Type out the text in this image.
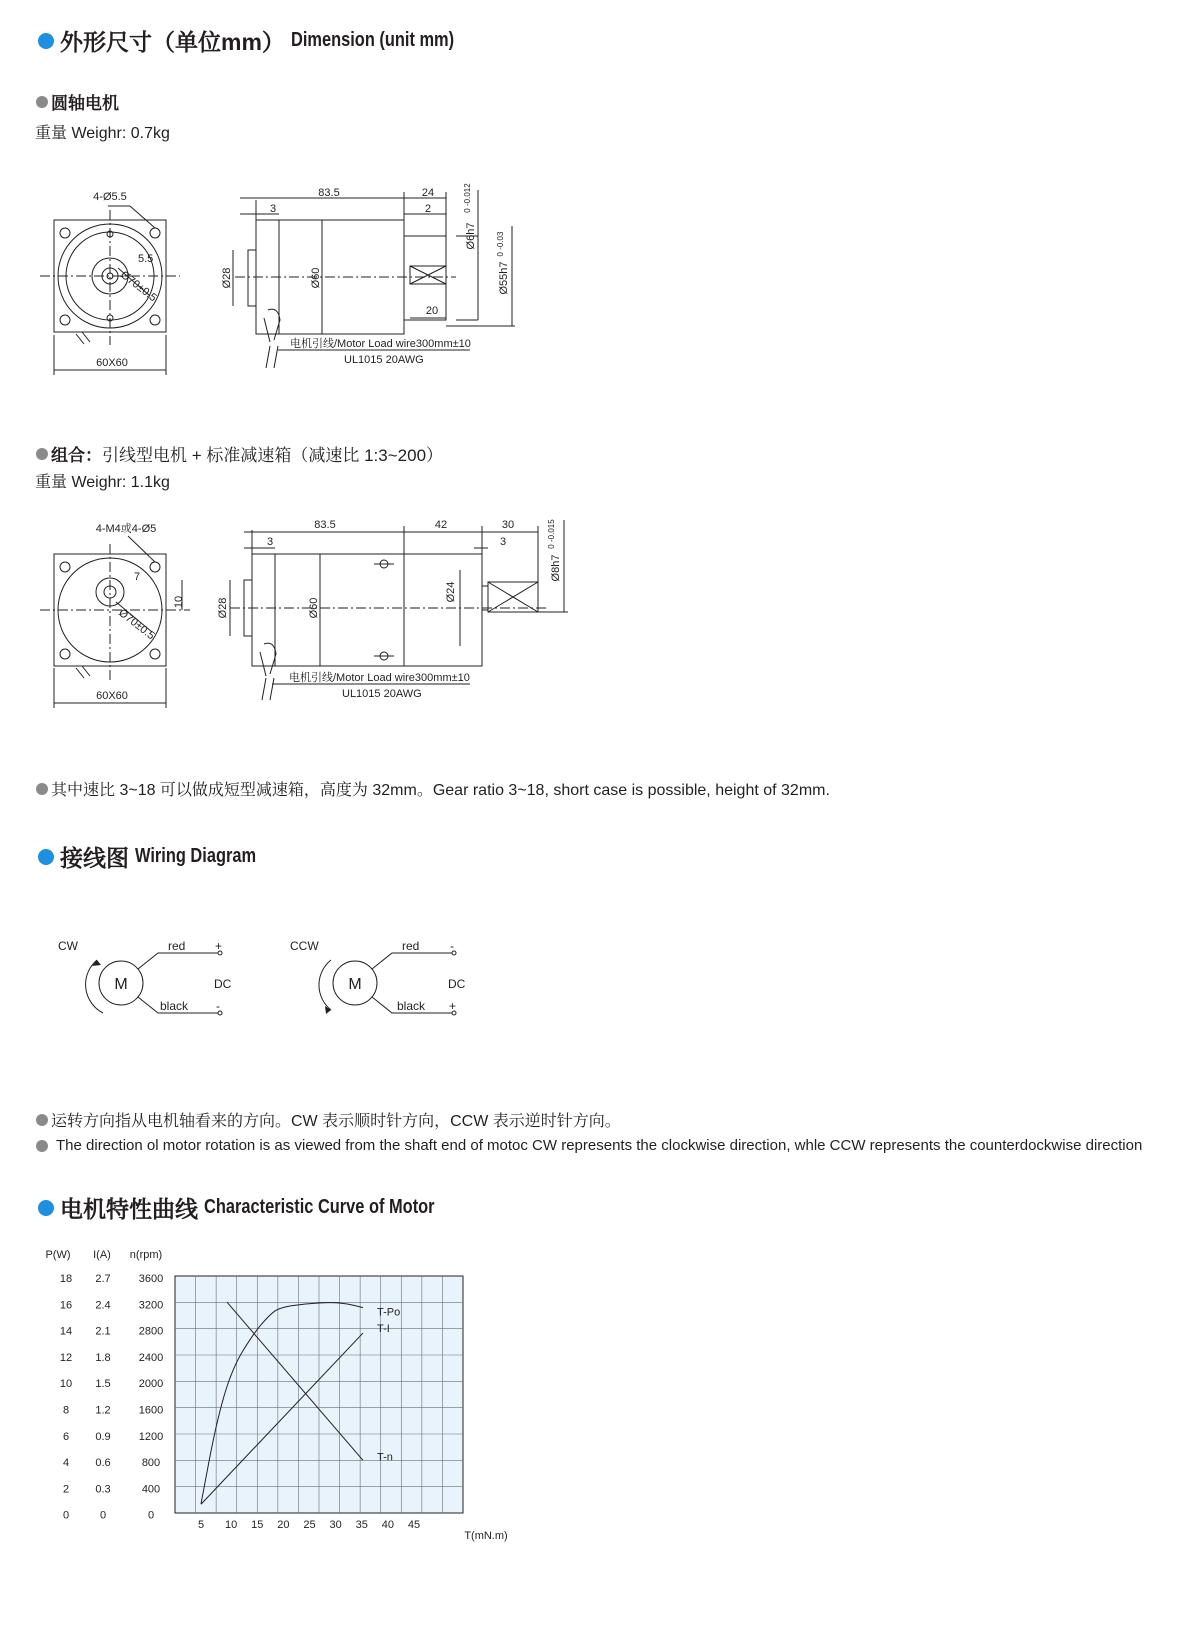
外形尺寸（单位mm） Dimension (unit mm)
圆轴电机
重量 Weighr: 0.7kg
4-Ø5.5
5.5
Ø70±0.5
60X60
83.5
3
24
2
20
Ø28	Ø60
Ø6h7
0 -0.012
Ø55h7
0 -0.03
电机引线/Motor Load wire300mm±10
UL1015 20AWG
组合： 引线型电机 + 标准减速箱（减速比 1:3~200）
重量 Weighr: 1.1kg
4-M4或4-Ø5
7
10
Ø70±0.5
60X60
83.5
3
42	30
3
Ø28	Ø60
Ø24
Ø8h7
0 -0.015
电机引线/Motor Load wire300mm±10
UL1015 20AWG
其中速比 3~18 可以做成短型减速箱，高度为 32mm。Gear ratio 3~18, short case is possible, height of 32mm.
接线图 Wiring Diagram
CW
M
red
black
+
-
DC
CCW
M
red
black
-
+
DC
运转方向指从电机轴看来的方向。CW 表示顺时针方向，CCW 表示逆时针方向。
The direction ol motor rotation is as viewed from the shaft end of motoc CW represents the clockwise direction, whle CCW represents the counterdockwise direction
电机特性曲线 Characteristic Curve of Motor
P(W) I(A) n(rpm)
18
16
14
12
10
8
6
4
2
0
2.7
2.4
2.1
1.8
1.5
1.2
0.9
0.6
0.3
0
3600
3200
2800
2400
2000
1600
1200
800
400
0
5 10 15 20 25 30 35 40 45
T(mN.m)
T-Po
T-I
T-n
